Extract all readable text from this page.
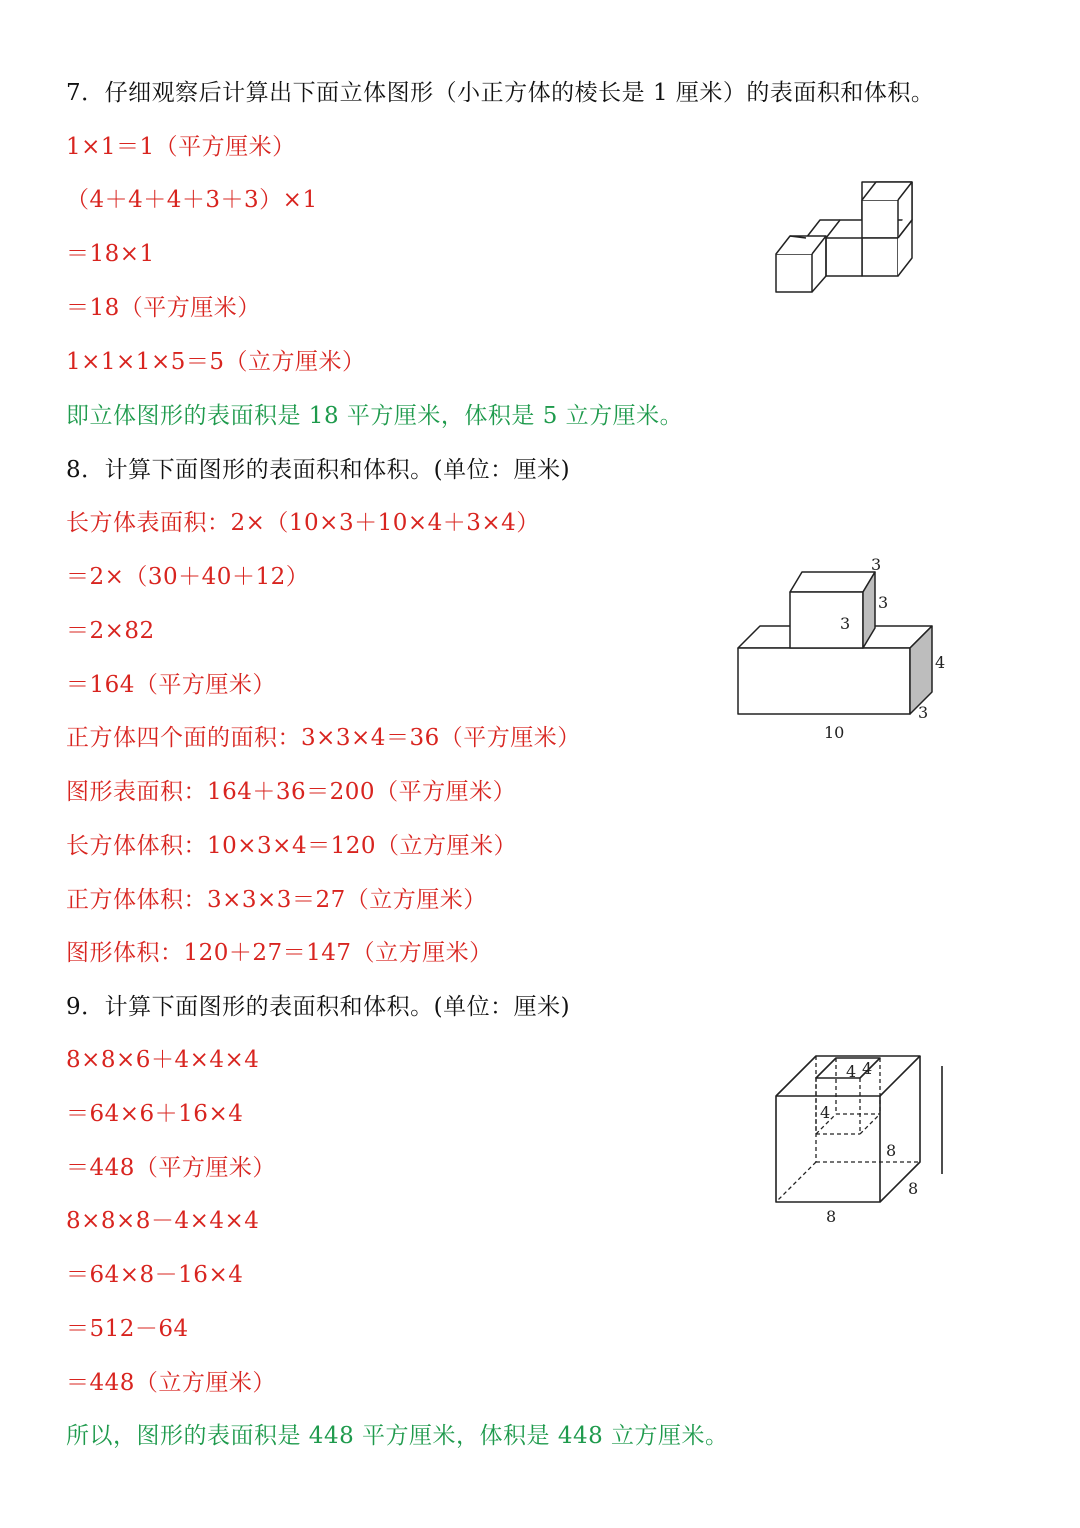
7．仔细观察后计算出下面立体图形（小正方体的棱长是 1 厘米）的表面积和体积。
1×1＝1（平方厘米）
（4＋4＋4＋3＋3）×1
＝18×1
＝18（平方厘米）
1×1×1×5＝5（立方厘米）
即立体图形的表面积是 18 平方厘米，体积是 5 立方厘米。
8．计算下面图形的表面积和体积。(单位：厘米)
长方体表面积：2×（10×3＋10×4＋3×4）
＝2×（30＋40＋12）
＝2×82
＝164（平方厘米）
正方体四个面的面积：3×3×4＝36（平方厘米）
图形表面积：164＋36＝200（平方厘米）
长方体体积：10×3×4＝120（立方厘米）
正方体体积：3×3×3＝27（立方厘米）
图形体积：120＋27＝147（立方厘米）
3
3
3
4
3
10
9．计算下面图形的表面积和体积。(单位：厘米)
8×8×6＋4×4×4
＝64×6＋16×4
＝448（平方厘米）
8×8×8－4×4×4
＝64×8－16×4
＝512－64
＝448（立方厘米）
所以，图形的表面积是 448 平方厘米，体积是 448 立方厘米。
4 4
4
8
8
8
